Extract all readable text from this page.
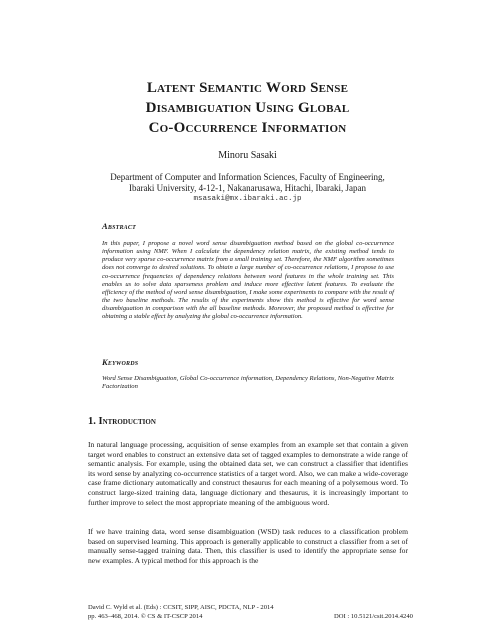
Latent Semantic Word Sense
Disambiguation Using Global
Co-Occurrence Information
Minoru Sasaki
Department of Computer and Information Sciences, Faculty of Engineering,
Ibaraki University, 4-12-1, Nakanarusawa, Hitachi, Ibaraki, Japan
msasaki@mx.ibaraki.ac.jp
Abstract
In this paper, I propose a novel word sense disambiguation method based on the global co-occurrence information using NMF. When I calculate the dependency relation matrix, the existing method tends to produce very sparse co-occurrence matrix from a small training set. Therefore, the NMF algorithm sometimes does not converge to desired solutions. To obtain a large number of co-occurrence relations, I propose to use co-occurrence frequencies of dependency relations between word features in the whole training set. This enables us to solve data sparseness problem and induce more effective latent features. To evaluate the efficiency of the method of word sense disambiguation, I make some experiments to compare with the result of the two baseline methods. The results of the experiments show this method is effective for word sense disambiguation in comparison with the all baseline methods. Moreover, the proposed method is effective for obtaining a stable effect by analyzing the global co-occurrence information.
Keywords
Word Sense Disambiguation, Global Co-occurrence information, Dependency Relations, Non-Negative Matrix Factorization
1. Introduction
In natural language processing, acquisition of sense examples from an example set that contain a given target word enables to construct an extensive data set of tagged examples to demonstrate a wide range of semantic analysis. For example, using the obtained data set, we can construct a classifier that identifies its word sense by analyzing co-occurrence statistics of a target word. Also, we can make a wide-coverage case frame dictionary automatically and construct thesaurus for each meaning of a polysemous word. To construct large-sized training data, language dictionary and thesaurus, it is increasingly important to further improve to select the most appropriate meaning of the ambiguous word.
If we have training data, word sense disambiguation (WSD) task reduces to a classification problem based on supervised learning. This approach is generally applicable to construct a classifier from a set of manually sense-tagged training data. Then, this classifier is used to identify the appropriate sense for new examples. A typical method for this approach is the
David C. Wyld et al. (Eds) : CCSIT, SIPP, AISC, PDCTA, NLP - 2014
pp. 463–468, 2014. © CS & IT-CSCP 2014	DOI : 10.5121/csit.2014.4240
